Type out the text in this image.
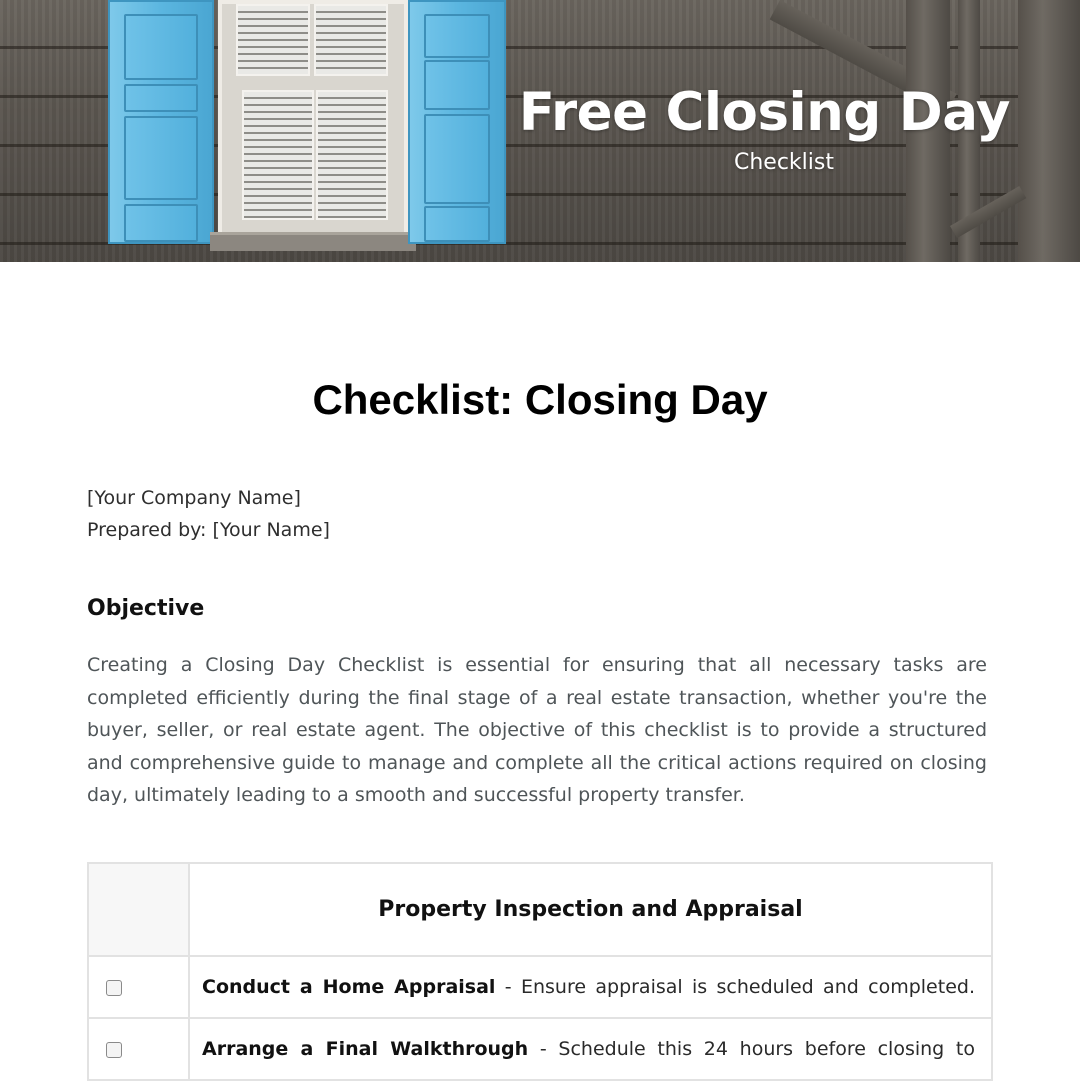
Free Closing Day

Checklist

Checklist: Closing Day
[Your Company Name]
Prepared by: [Your Name]
Objective

Creating a Closing Day Checklist is essential for ensuring that all necessary tasks are completed efficiently during the final stage of a real estate transaction, whether you're the buyer, seller, or real estate agent. The objective of this checklist is to provide a structured and comprehensive guide to manage and complete all the critical actions required on closing day, ultimately leading to a smooth and successful property transfer.

	Property Inspection and Appraisal
	Conduct a Home Appraisal - Ensure appraisal is scheduled and completed.
	Arrange a Final Walkthrough - Schedule this 24 hours before closing to
